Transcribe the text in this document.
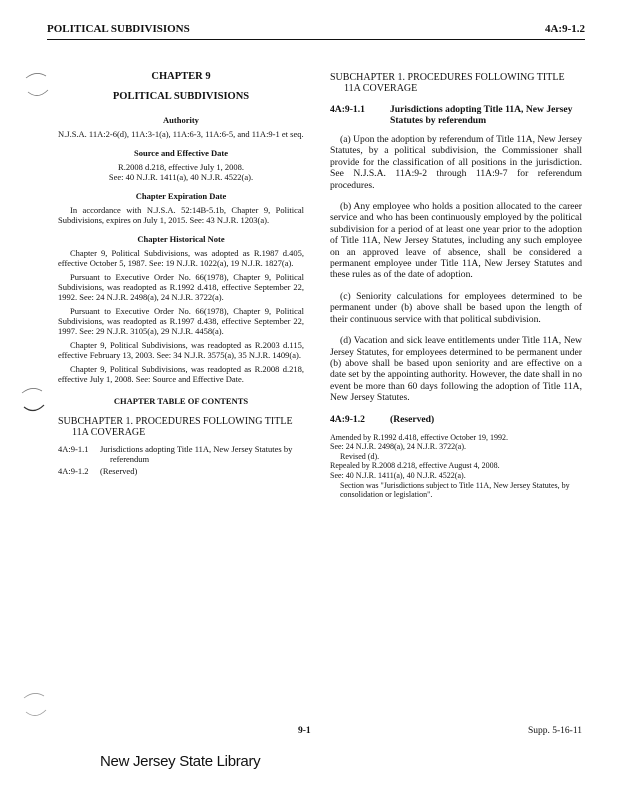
POLITICAL SUBDIVISIONS	4A:9-1.2
CHAPTER 9
POLITICAL SUBDIVISIONS
Authority
N.J.S.A. 11A:2-6(d), 11A:3-1(a), 11A:6-3, 11A:6-5, and 11A:9-1 et seq.
Source and Effective Date
R.2008 d.218, effective July 1, 2008.
See: 40 N.J.R. 1411(a), 40 N.J.R. 4522(a).
Chapter Expiration Date
In accordance with N.J.S.A. 52:14B-5.1b, Chapter 9, Political Subdivisions, expires on July 1, 2015. See: 43 N.J.R. 1203(a).
Chapter Historical Note
Chapter 9, Political Subdivisions, was adopted as R.1987 d.405, effective October 5, 1987. See: 19 N.J.R. 1022(a), 19 N.J.R. 1827(a).
Pursuant to Executive Order No. 66(1978), Chapter 9, Political Subdivisions, was readopted as R.1992 d.418, effective September 22, 1992. See: 24 N.J.R. 2498(a), 24 N.J.R. 3722(a).
Pursuant to Executive Order No. 66(1978), Chapter 9, Political Subdivisions, was readopted as R.1997 d.438, effective September 22, 1997. See: 29 N.J.R. 3105(a), 29 N.J.R. 4458(a).
Chapter 9, Political Subdivisions, was readopted as R.2003 d.115, effective February 13, 2003. See: 34 N.J.R. 3575(a), 35 N.J.R. 1409(a).
Chapter 9, Political Subdivisions, was readopted as R.2008 d.218, effective July 1, 2008. See: Source and Effective Date.
CHAPTER TABLE OF CONTENTS
SUBCHAPTER 1. PROCEDURES FOLLOWING TITLE 11A COVERAGE
4A:9-1.1	Jurisdictions adopting Title 11A, New Jersey Statutes by referendum
4A:9-1.2	(Reserved)
SUBCHAPTER 1. PROCEDURES FOLLOWING TITLE 11A COVERAGE
4A:9-1.1	Jurisdictions adopting Title 11A, New Jersey Statutes by referendum
(a) Upon the adoption by referendum of Title 11A, New Jersey Statutes, by a political subdivision, the Commissioner shall provide for the classification of all positions in the jurisdiction. See N.J.S.A. 11A:9-2 through 11A:9-7 for referendum procedures.
(b) Any employee who holds a position allocated to the career service and who has been continuously employed by the political subdivision for a period of at least one year prior to the adoption of Title 11A, New Jersey Statutes, including any such employee on an approved leave of absence, shall be considered a permanent employee under Title 11A, New Jersey Statutes and these rules as of the date of adoption.
(c) Seniority calculations for employees determined to be permanent under (b) above shall be based upon the length of their continuous service with that political subdivision.
(d) Vacation and sick leave entitlements under Title 11A, New Jersey Statutes, for employees determined to be permanent under (b) above shall be based upon seniority and are effective on a date set by the appointing authority. However, the date shall in no event be more than 60 days following the adoption of Title 11A, New Jersey Statutes.
4A:9-1.2	(Reserved)

Amended by R.1992 d.418, effective October 19, 1992.

See: 24 N.J.R. 2498(a), 24 N.J.R. 3722(a).

Revised (d).

Repealed by R.2008 d.218, effective August 4, 2008.

See: 40 N.J.R. 1411(a), 40 N.J.R. 4522(a).

Section was "Jurisdictions subject to Title 11A, New Jersey Statutes, by consolidation or legislation".

9-1	Supp. 5-16-11
New Jersey State Library
